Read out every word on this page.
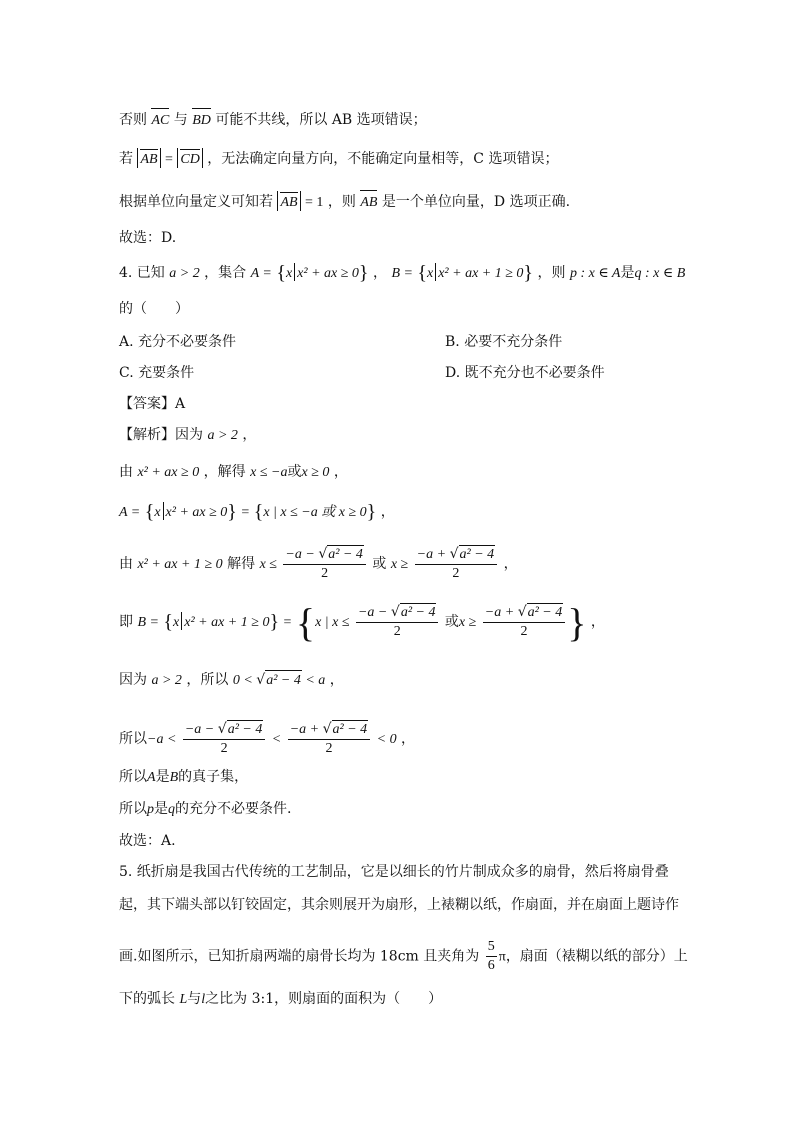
否则 AC 与 BD 可能不共线，所以 AB 选项错误；
若 AB = CD ，无法确定向量方向，不能确定向量相等，C 选项错误；
根据单位向量定义可知若 AB = 1 ，则 AB 是一个单位向量，D 选项正确.
故选：D.
4. 已知 a > 2 ，集合 A = {x x² + ax ≥ 0} ， B = {x x² + ax + 1 ≥ 0} ，则 p : x ∈ A是q : x ∈ B
的（　　）
A. 充分不必要条件	B. 必要不充分条件
C. 充要条件	D. 既不充分也不必要条件
【答案】A
【解析】因为 a > 2 ，
由 x² + ax ≥ 0 ，解得 x ≤ −a或x ≥ 0 ，
A = {x x² + ax ≥ 0} = {x | x ≤ −a 或 x ≥ 0} ，
由 x² + ax + 1 ≥ 0 解得 $x \le \frac{\text{−a − √a² − 4}}{2}$ 或 $x \ge \frac{\text{−a + √a² − 4}}{2}$ ，
即 B = {x x² + ax + 1 ≥ 0} = {x | $x \le \frac{\text{−a − √a² − 4}}{2}$ 或$x \ge \frac{\text{−a + √a² − 4}}{2}$ } ，
因为 a > 2 ，所以 0 < √a² − 4 < a ，
所以$-a < \frac{\text{−a − √a² − 4}}{2} < \frac{\text{−a + √a² − 4}}{2} < 0$ ，
所以A是B的真子集，
所以p是q的充分不必要条件.
故选：A.
5. 纸折扇是我国古代传统的工艺制品，它是以细长的竹片制成众多的扇骨，然后将扇骨叠
起，其下端头部以钉铰固定，其余则展开为扇形，上裱糊以纸，作扇面，并在扇面上题诗作
画.如图所示，已知折扇两端的扇骨长均为 18cm 且夹角为 $\frac{5}{6}$ π，扇面（裱糊以纸的部分）上
下的弧长 L与l之比为 3:1，则扇面的面积为（　　）
